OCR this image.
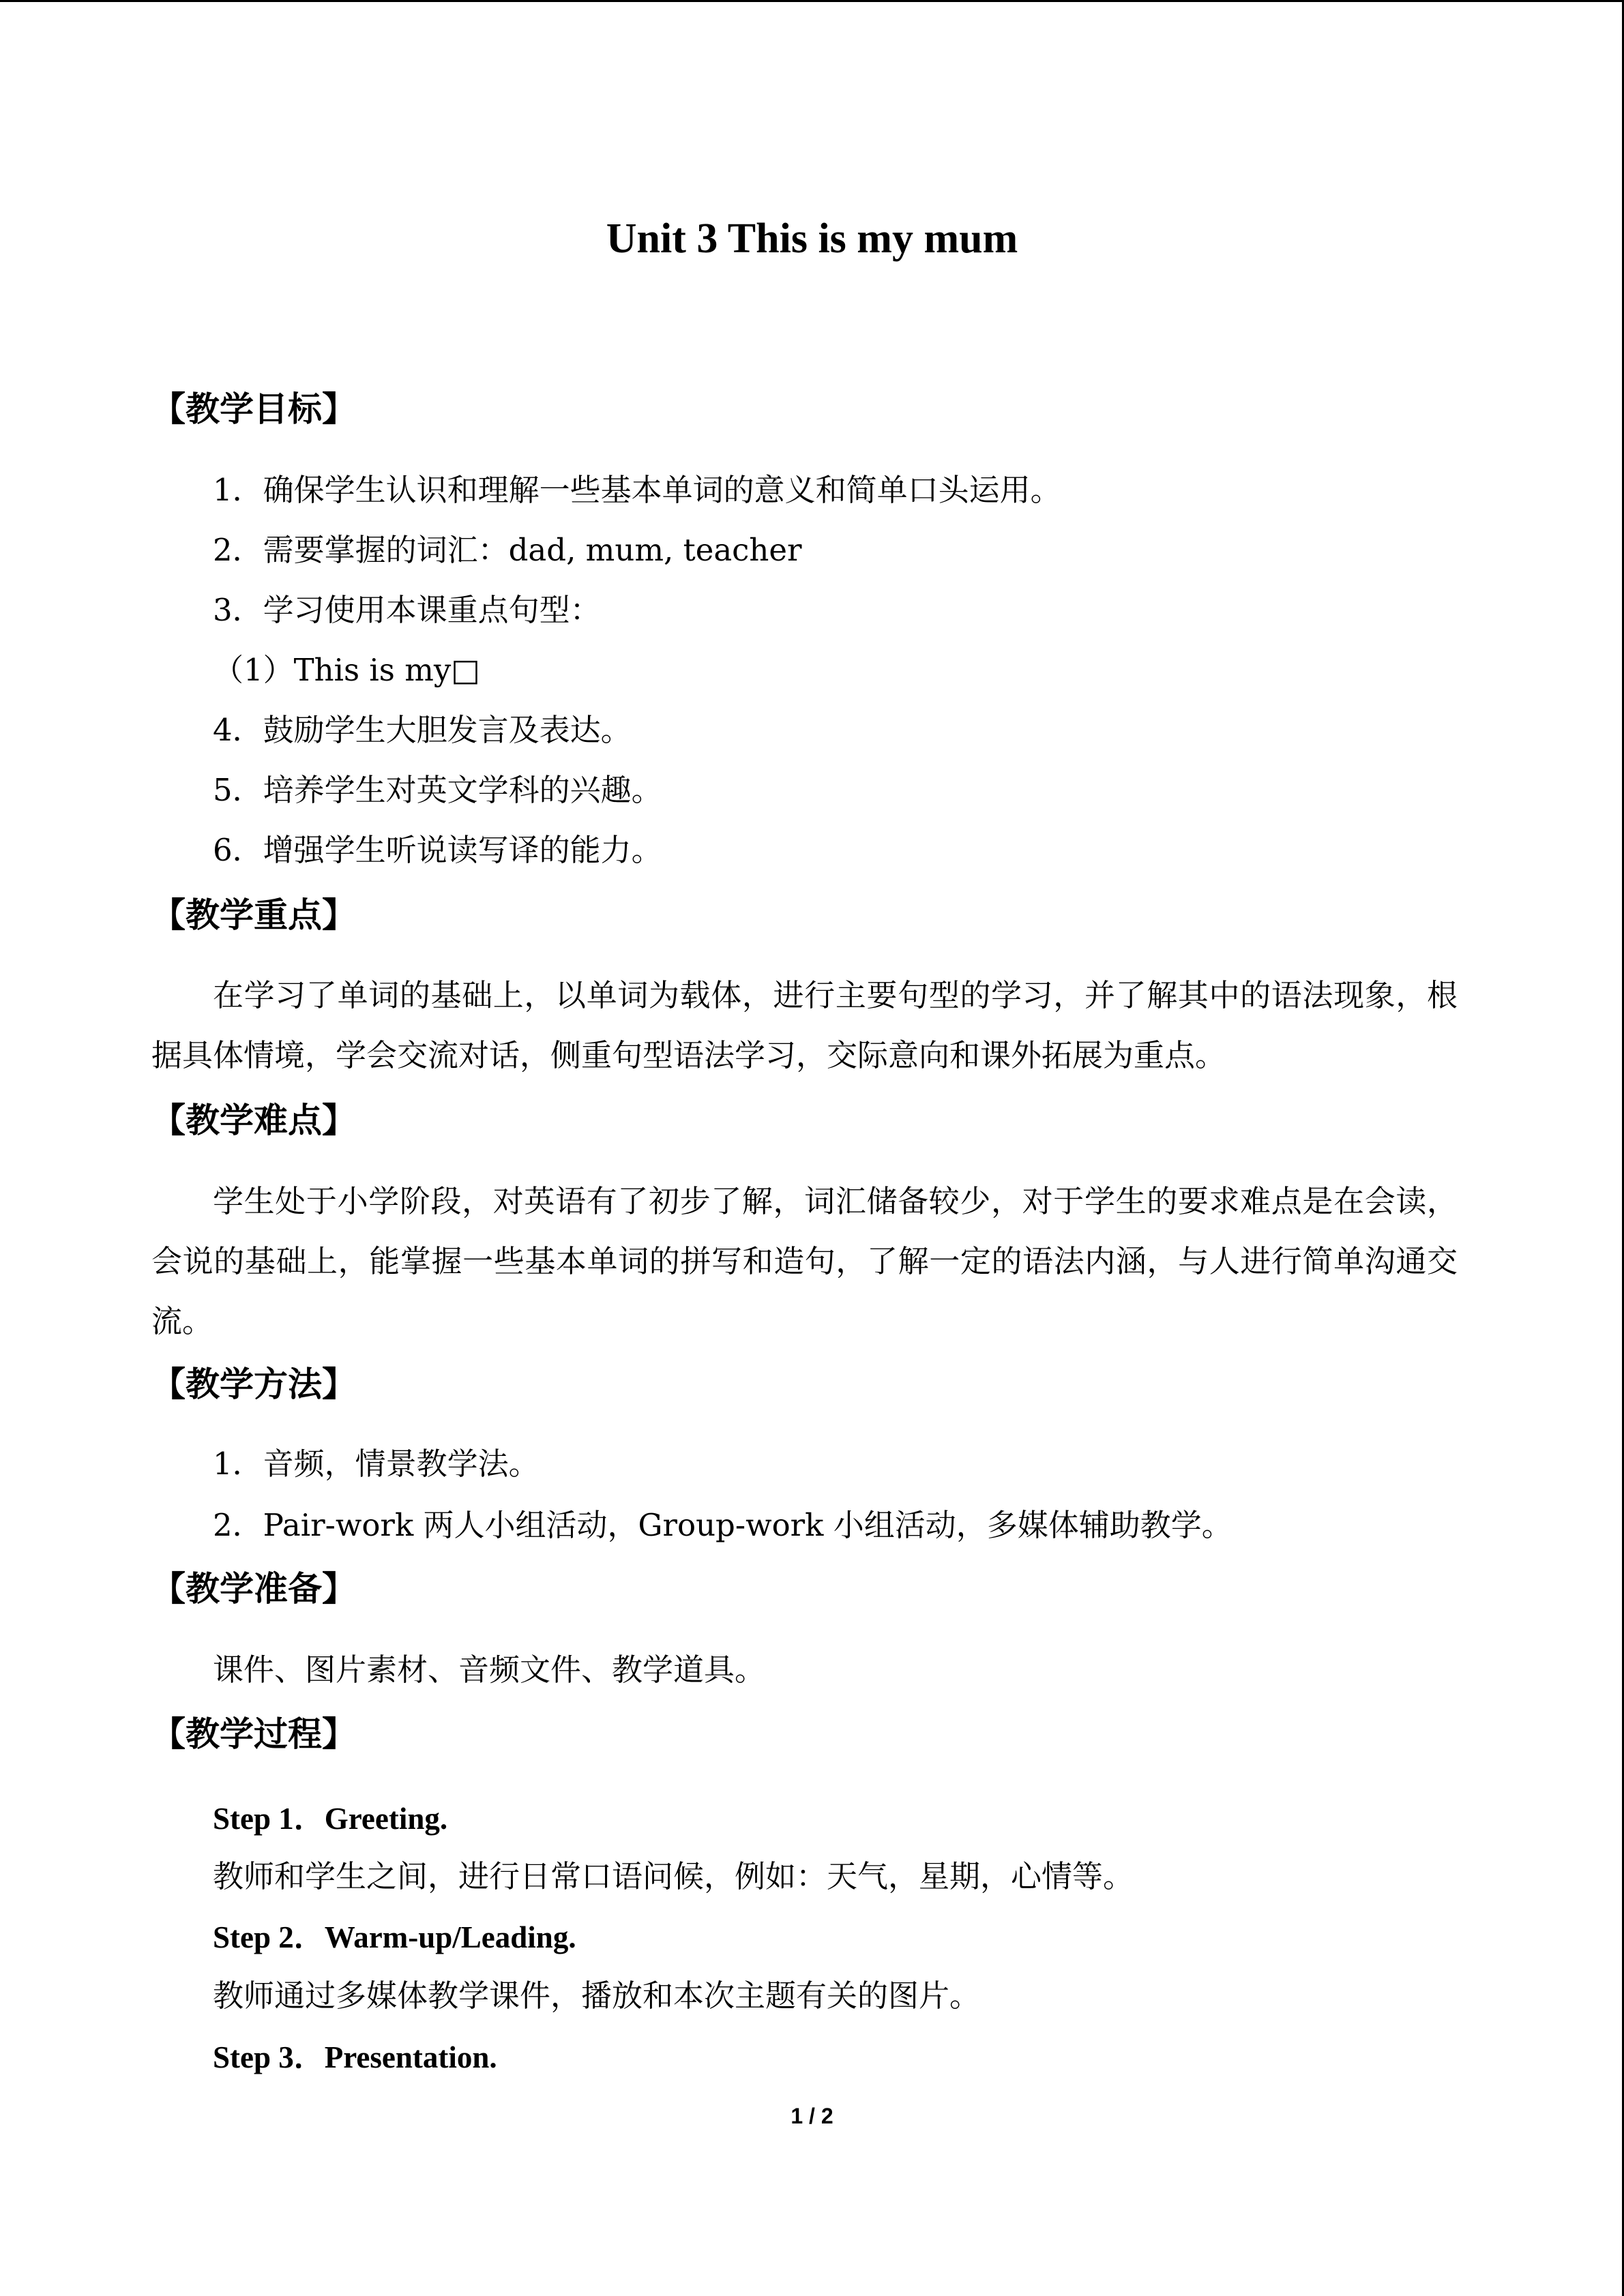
Unit 3 This is my mum
【教学目标】
1．确保学生认识和理解一些基本单词的意义和简单口头运用。
2．需要掌握的词汇：dad, mum, teacher
3．学习使用本课重点句型：
（1）This is my□
4．鼓励学生大胆发言及表达。
5．培养学生对英文学科的兴趣。
6．增强学生听说读写译的能力。
【教学重点】
在学习了单词的基础上，以单词为载体，进行主要句型的学习，并了解其中的语法现象，根据具体情境，学会交流对话，侧重句型语法学习，交际意向和课外拓展为重点。
【教学难点】
学生处于小学阶段，对英语有了初步了解，词汇储备较少，对于学生的要求难点是在会读，会说的基础上，能掌握一些基本单词的拼写和造句，了解一定的语法内涵，与人进行简单沟通交流。
【教学方法】
1．音频，情景教学法。
2．Pair-work 两人小组活动，Group-work 小组活动，多媒体辅助教学。
【教学准备】
课件、图片素材、音频文件、教学道具。
【教学过程】
Step 1．Greeting.
教师和学生之间，进行日常口语问候，例如：天气，星期，心情等。
Step 2．Warm-up/Leading.
教师通过多媒体教学课件，播放和本次主题有关的图片。
Step 3．Presentation.
1 / 2
